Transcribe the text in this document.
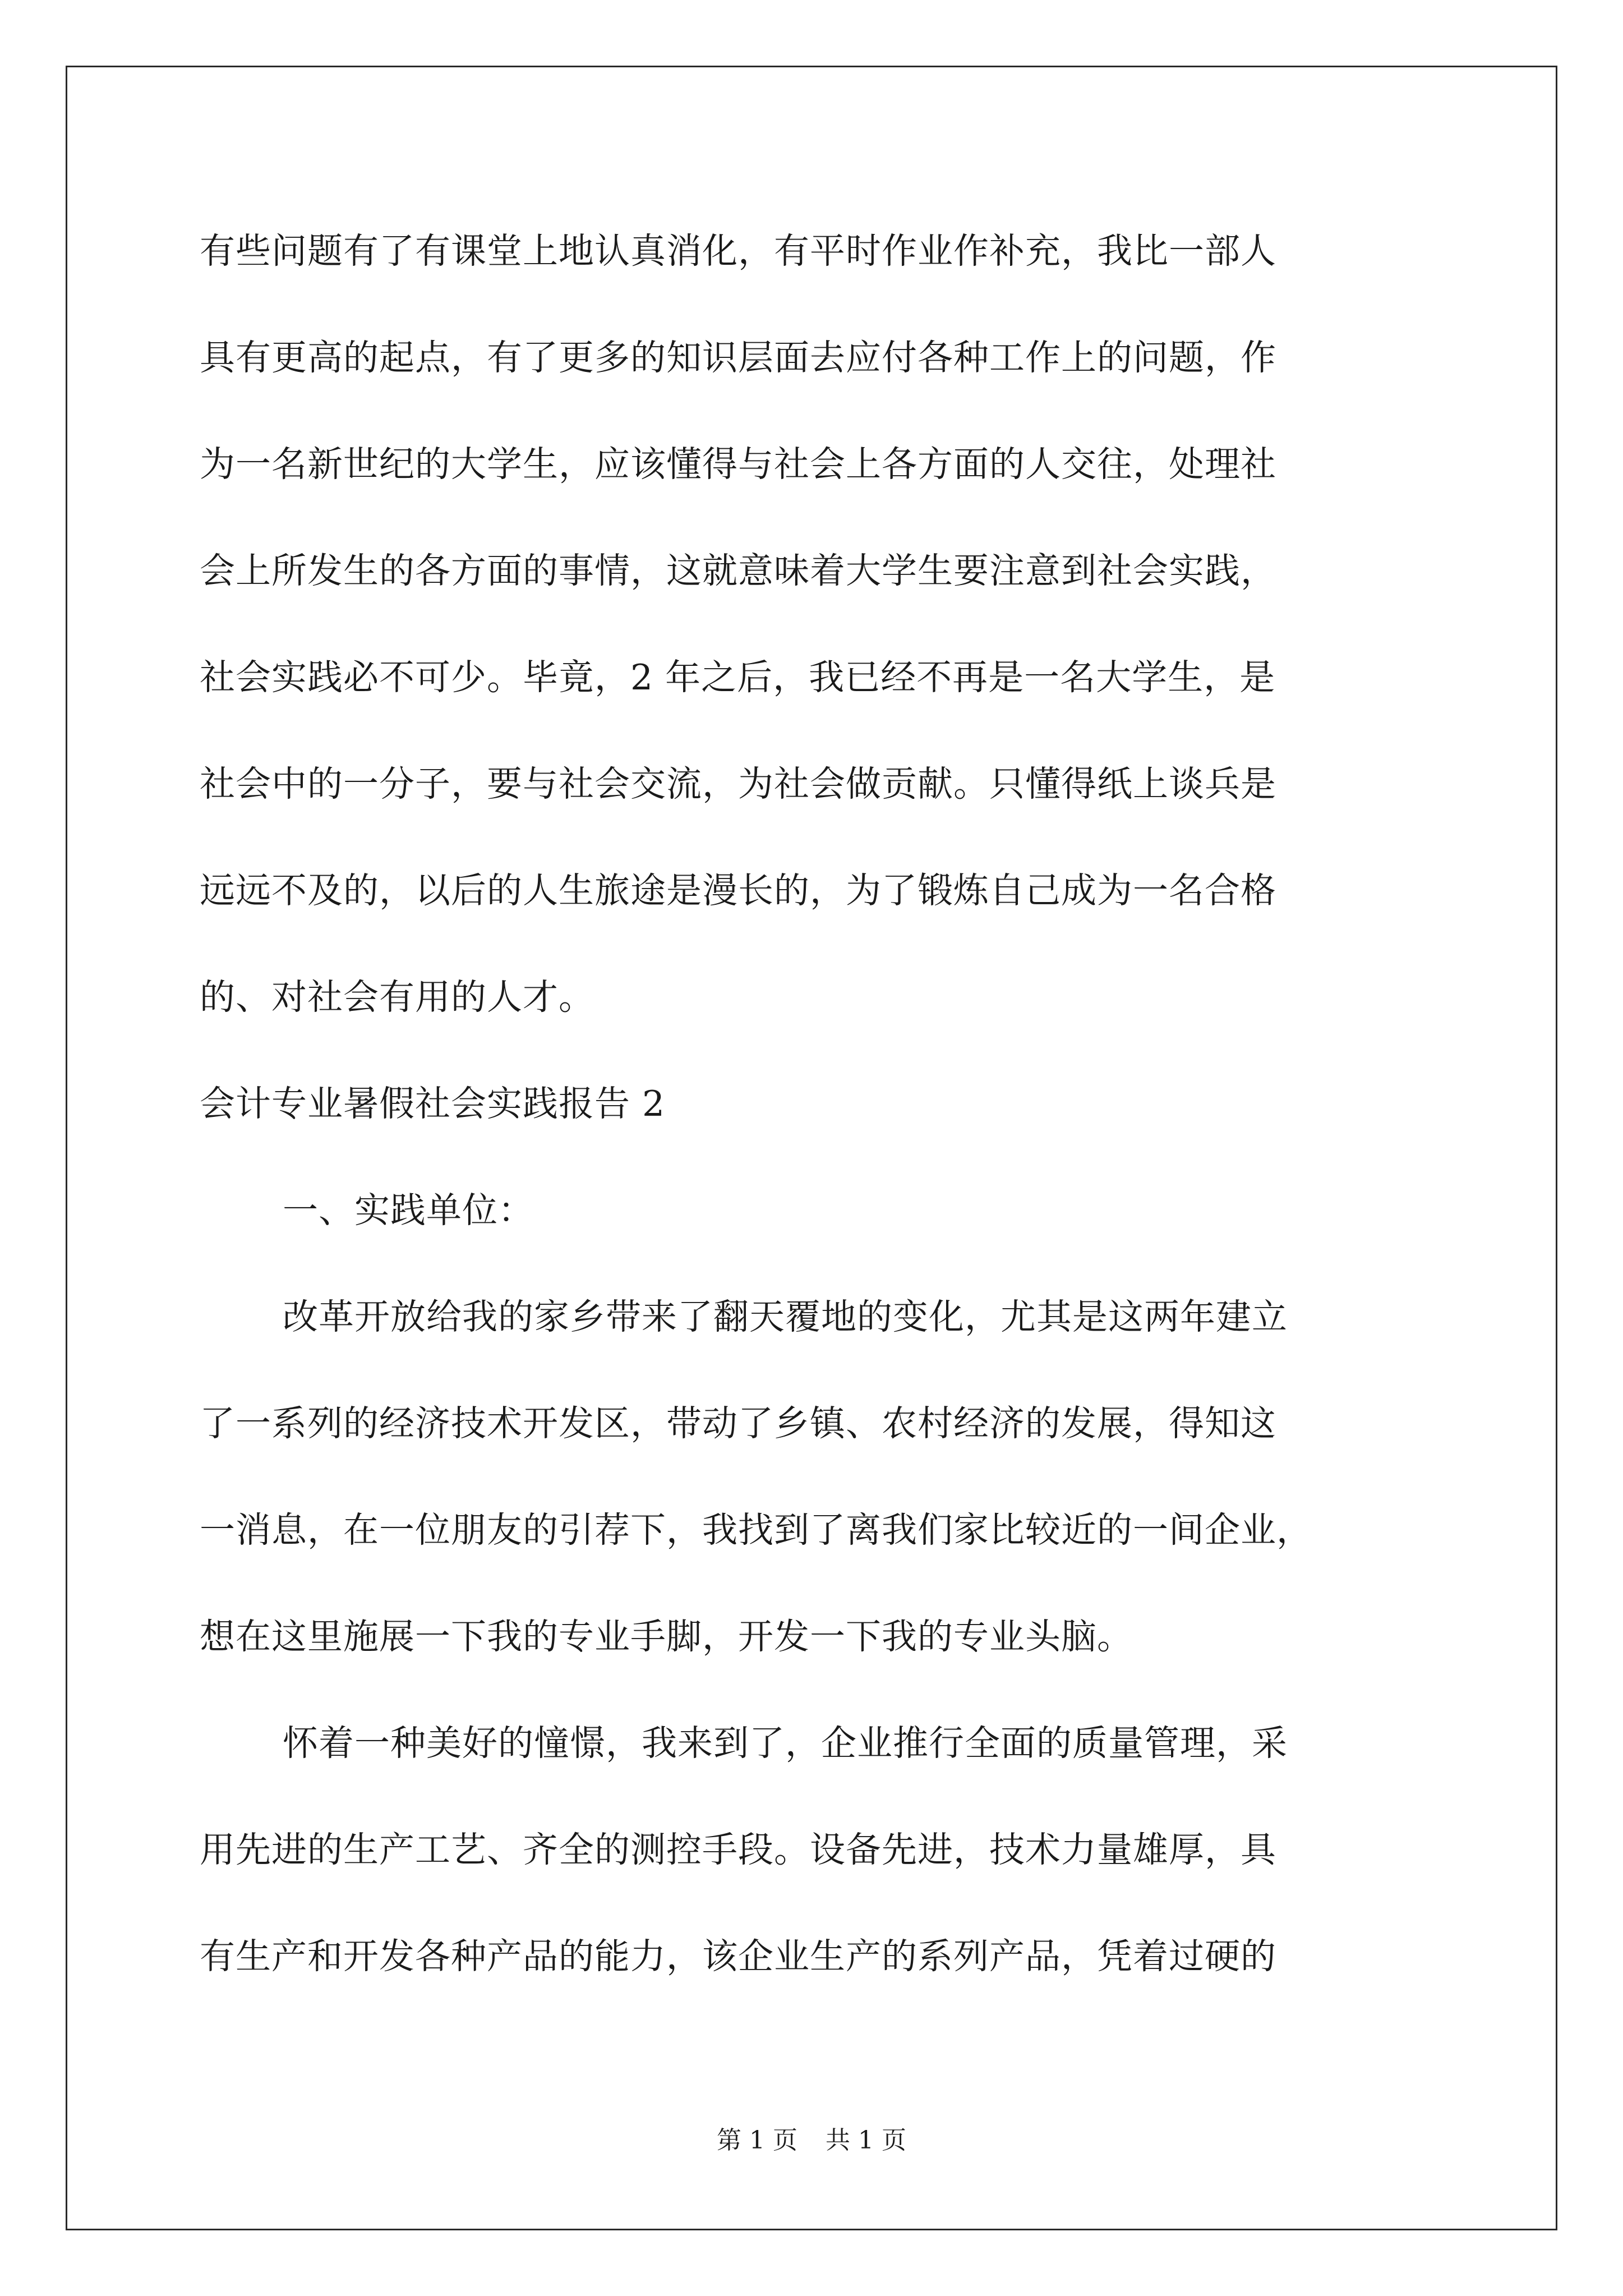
有些问题有了有课堂上地认真消化，有平时作业作补充，我比一部人
具有更高的起点，有了更多的知识层面去应付各种工作上的问题，作
为一名新世纪的大学生，应该懂得与社会上各方面的人交往，处理社
会上所发生的各方面的事情，这就意味着大学生要注意到社会实践，
社会实践必不可少。毕竟，2 年之后，我已经不再是一名大学生，是
社会中的一分子，要与社会交流，为社会做贡献。只懂得纸上谈兵是
远远不及的，以后的人生旅途是漫长的，为了锻炼自己成为一名合格
的、对社会有用的人才。
会计专业暑假社会实践报告 2
一、实践单位：
改革开放给我的家乡带来了翻天覆地的变化，尤其是这两年建立
了一系列的经济技术开发区，带动了乡镇、农村经济的发展，得知这
一消息，在一位朋友的引荐下，我找到了离我们家比较近的一间企业，
想在这里施展一下我的专业手脚，开发一下我的专业头脑。
怀着一种美好的憧憬，我来到了，企业推行全面的质量管理，采
用先进的生产工艺、齐全的测控手段。设备先进，技术力量雄厚，具
有生产和开发各种产品的能力，该企业生产的系列产品，凭着过硬的
第 1 页 共 1 页
